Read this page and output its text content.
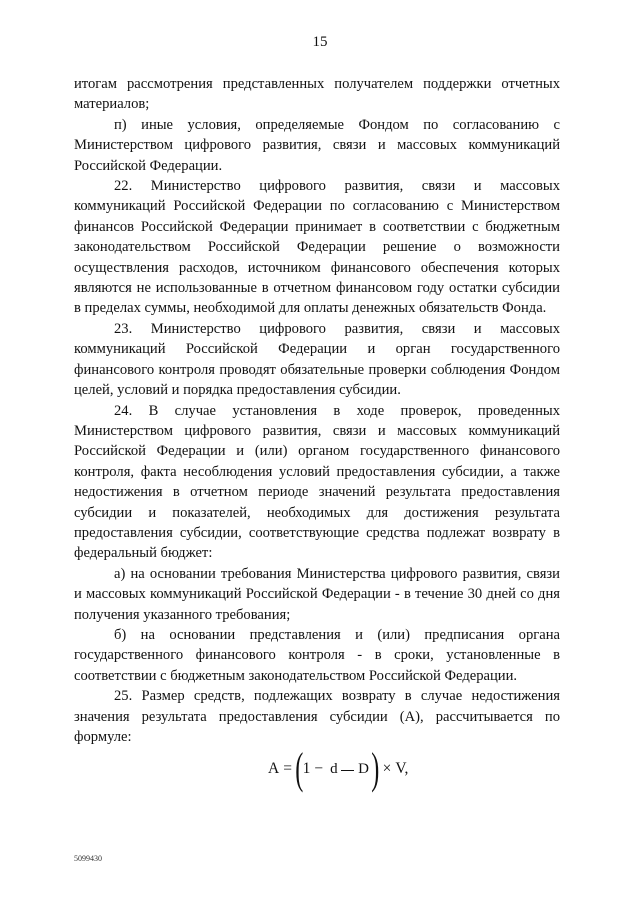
15

итогам рассмотрения представленных получателем поддержки отчетных материалов;

п) иные условия, определяемые Фондом по согласованию с Министерством цифрового развития, связи и массовых коммуникаций Российской Федерации.

22. Министерство цифрового развития, связи и массовых коммуникаций Российской Федерации по согласованию с Министерством финансов Российской Федерации принимает в соответствии с бюджетным законодательством Российской Федерации решение о возможности осуществления расходов, источником финансового обеспечения которых являются не использованные в отчетном финансовом году остатки субсидии в пределах суммы, необходимой для оплаты денежных обязательств Фонда.

23. Министерство цифрового развития, связи и массовых коммуникаций Российской Федерации и орган государственного финансового контроля проводят обязательные проверки соблюдения Фондом целей, условий и порядка предоставления субсидии.

24. В случае установления в ходе проверок, проведенных Министерством цифрового развития, связи и массовых коммуникаций Российской Федерации и (или) органом государственного финансового контроля, факта несоблюдения условий предоставления субсидии, а также недостижения в отчетном периоде значений результата предоставления субсидии и показателей, необходимых для достижения результата предоставления субсидии, соответствующие средства подлежат возврату в федеральный бюджет:

а) на основании требования Министерства цифрового развития, связи и массовых коммуникаций Российской Федерации - в течение 30 дней со дня получения указанного требования;

б) на основании представления и (или) предписания органа государственного финансового контроля - в сроки, установленные в соответствии с бюджетным законодательством Российской Федерации.

25. Размер средств, подлежащих возврату в случае недостижения значения результата предоставления субсидии (A), рассчитывается по формуле:

A = ( 1 − d D ) × V,
5099430
